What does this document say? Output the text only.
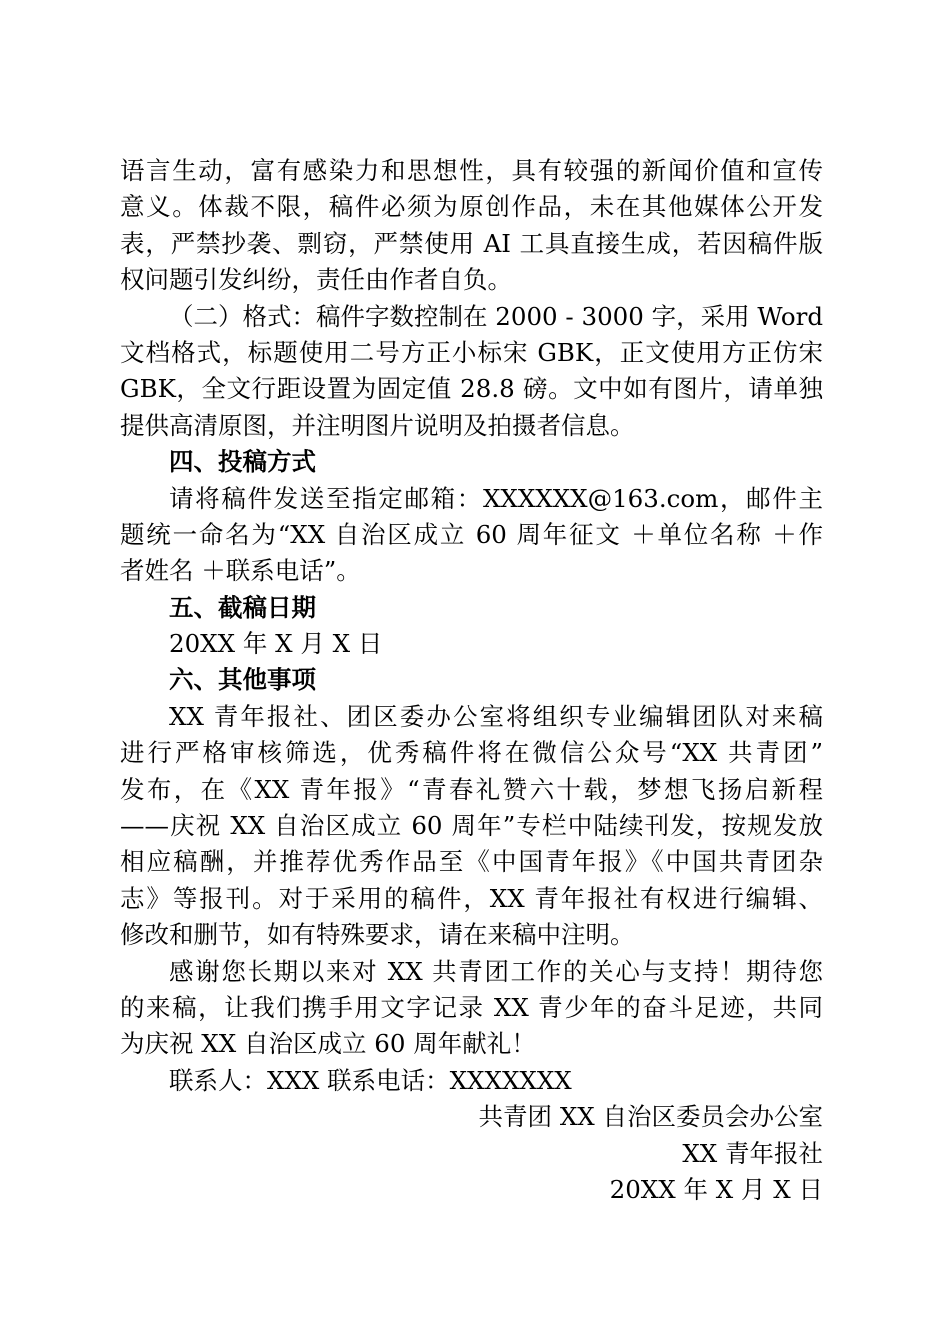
语言生动，富有感染力和思想性，具有较强的新闻价值和宣传
意义。体裁不限，稿件必须为原创作品，未在其他媒体公开发
表，严禁抄袭、剽窃，严禁使用 AI 工具直接生成，若因稿件版
权问题引发纠纷，责任由作者自负。
（二）格式：稿件字数控制在 2000 - 3000 字，采用 Word
文档格式，标题使用二号方正小标宋 GBK，正文使用方正仿宋
GBK，全文行距设置为固定值 28.8 磅。文中如有图片，请单独
提供高清原图，并注明图片说明及拍摄者信息。
四、投稿方式
请将稿件发送至指定邮箱：XXXXXX@163.com，邮件主
题统一命名为“XX 自治区成立 60 周年征文 ＋单位名称 ＋作
者姓名 ＋联系电话”。
五、截稿日期
20XX 年 X 月 X 日
六、其他事项
XX 青年报社、团区委办公室将组织专业编辑团队对来稿
进行严格审核筛选，优秀稿件将在微信公众号“XX 共青团”
发布，在《XX 青年报》“青春礼赞六十载，梦想飞扬启新程
——庆祝 XX 自治区成立 60 周年”专栏中陆续刊发，按规发放
相应稿酬，并推荐优秀作品至《中国青年报》《中国共青团杂
志》等报刊。对于采用的稿件，XX 青年报社有权进行编辑、
修改和删节，如有特殊要求，请在来稿中注明。
感谢您长期以来对 XX 共青团工作的关心与支持！期待您
的来稿，让我们携手用文字记录 XX 青少年的奋斗足迹，共同
为庆祝 XX 自治区成立 60 周年献礼！
联系人：XXX 联系电话：XXXXXXX
共青团 XX 自治区委员会办公室
XX 青年报社
20XX 年 X 月 X 日
